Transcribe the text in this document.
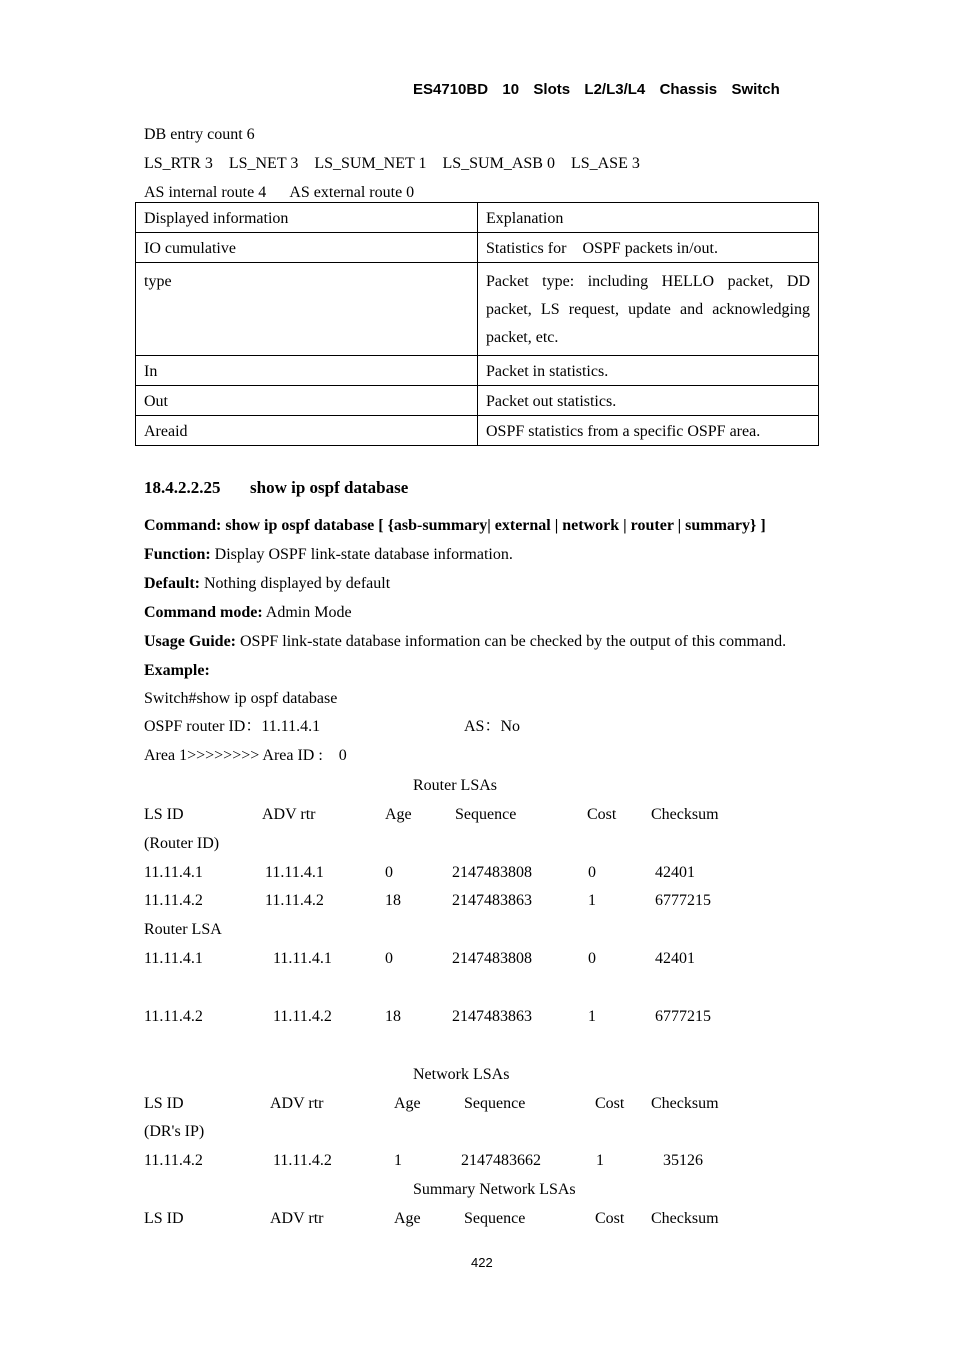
ES4710BD  10  Slots  L2/L3/L4  Chassis  Switch
DB entry count 6
LS_RTR 3    LS_NET 3    LS_SUM_NET 1    LS_SUM_ASB 0    LS_ASE 3
AS internal route 4      AS external route 0
Displayed information	Explanation
IO cumulative	Statistics for    OSPF packets in/out.
type	Packet type: including HELLO packet, DD packet, LS request, update and acknowledging packet, etc.
In	Packet in statistics.
Out	Packet out statistics.
Areaid	OSPF statistics from a specific OSPF area.
18.4.2.2.25 show ip ospf database
Command: show ip ospf database [ {asb-summary| external | network | router | summary} ]
Function: Display OSPF link-state database information.
Default: Nothing displayed by default
Command mode: Admin Mode
Usage Guide: OSPF link-state database information can be checked by the output of this command.
Example:
Switch#show ip ospf database
OSPF router ID：11.11.4.1	AS：No
Area 1>>>>>>>> Area ID :    0
Router LSAs
LS ID	ADV rtr	Age	Sequence	Cost Checksum
(Router ID)
11.11.4.1	11.11.4.1	0	2147483808	0	42401
11.11.4.2	11.11.4.2	18	2147483863	1	6777215
Router LSA
11.11.4.1	11.11.4.1	0	2147483808	0	42401
11.11.4.2	11.11.4.2	18	2147483863	1	6777215
Network LSAs
LS ID	ADV rtr	Age	Sequence	Cost Checksum
(DR's IP)
11.11.4.2	11.11.4.2	1	2147483662	1	35126
Summary Network LSAs
LS ID	ADV rtr	Age	Sequence	Cost Checksum
422
